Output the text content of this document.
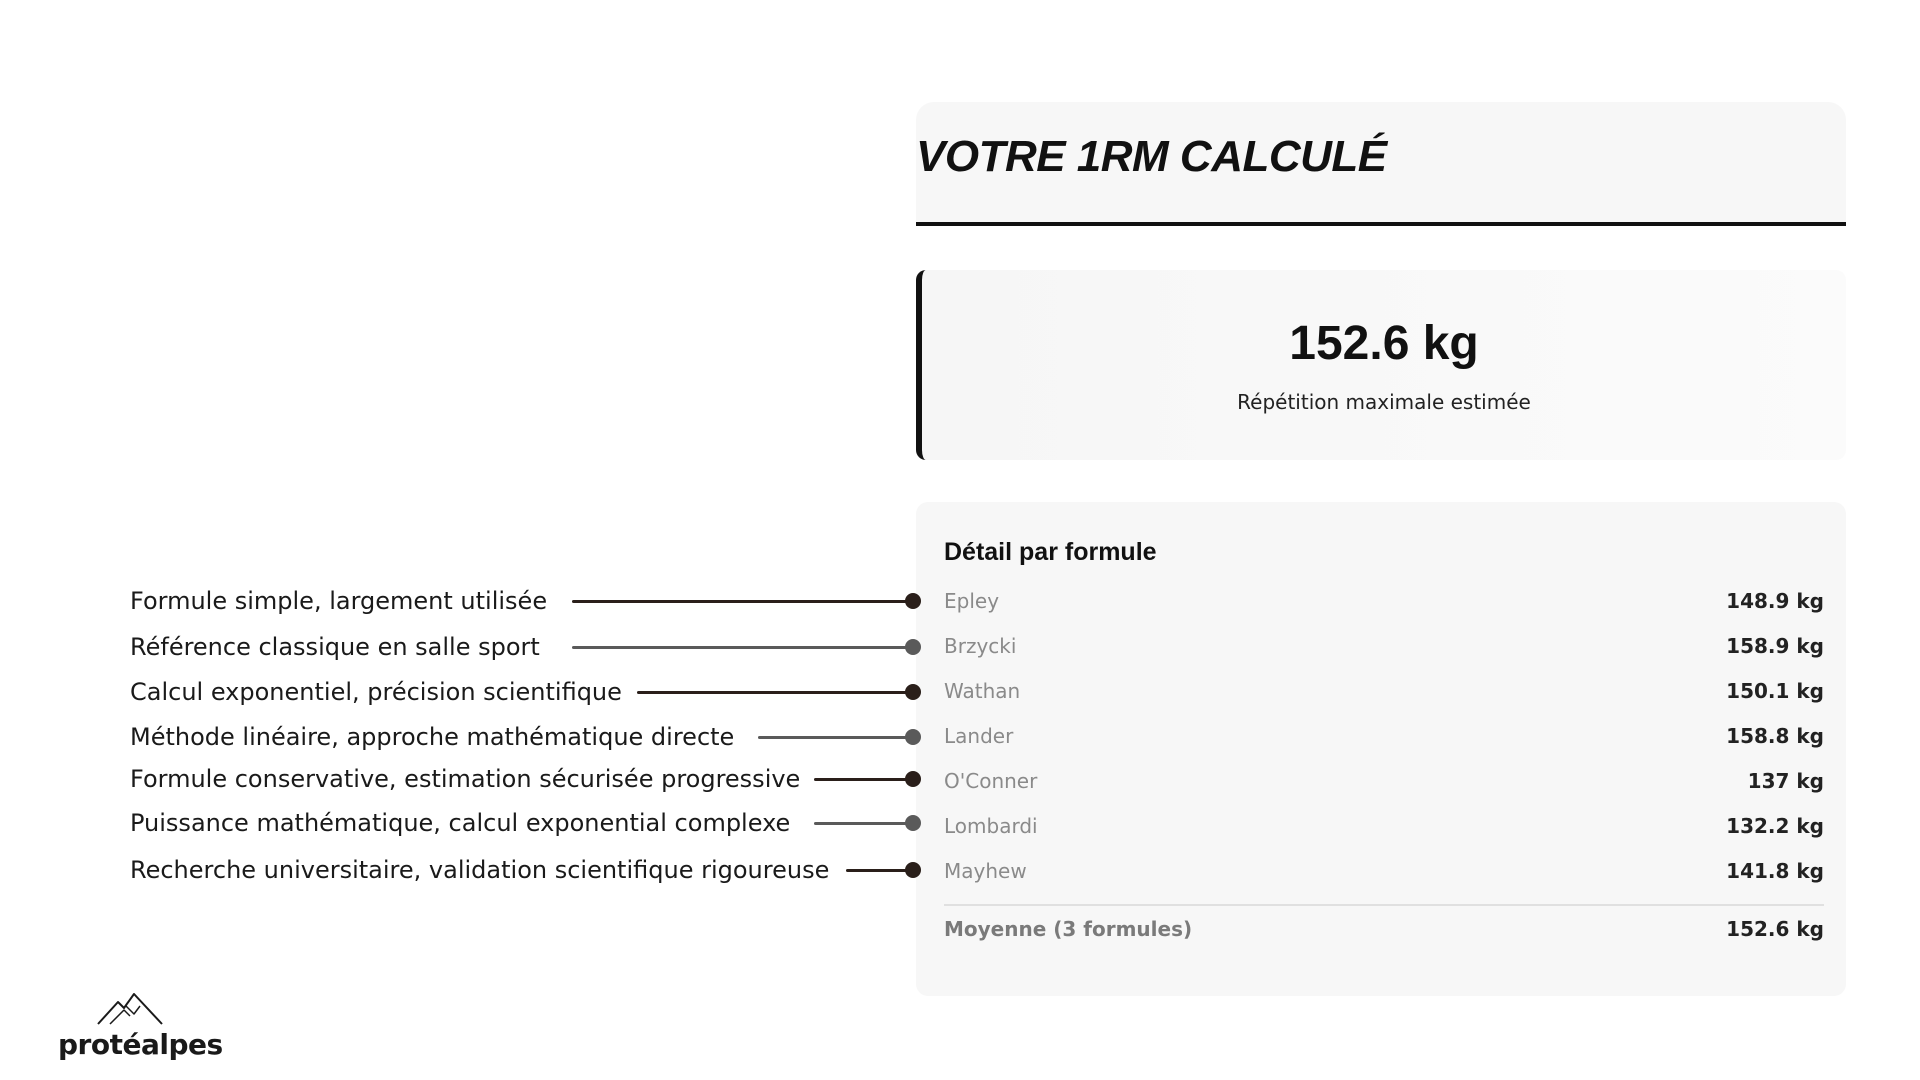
VOTRE 1RM CALCULÉ
152.6 kg
Répétition maximale estimée
Détail par formule
Epley	148.9 kg
Brzycki	158.9 kg
Wathan	150.1 kg
Lander	158.8 kg
O'Conner	137 kg
Lombardi	132.2 kg
Mayhew	141.8 kg
Moyenne (3 formules)	152.6 kg
Formule simple, largement utilisée
Référence classique en salle sport
Calcul exponentiel, précision scientifique
Méthode linéaire, approche mathématique directe
Formule conservative, estimation sécurisée progressive
Puissance mathématique, calcul exponential complexe
Recherche universitaire, validation scientifique rigoureuse
protéalpes
